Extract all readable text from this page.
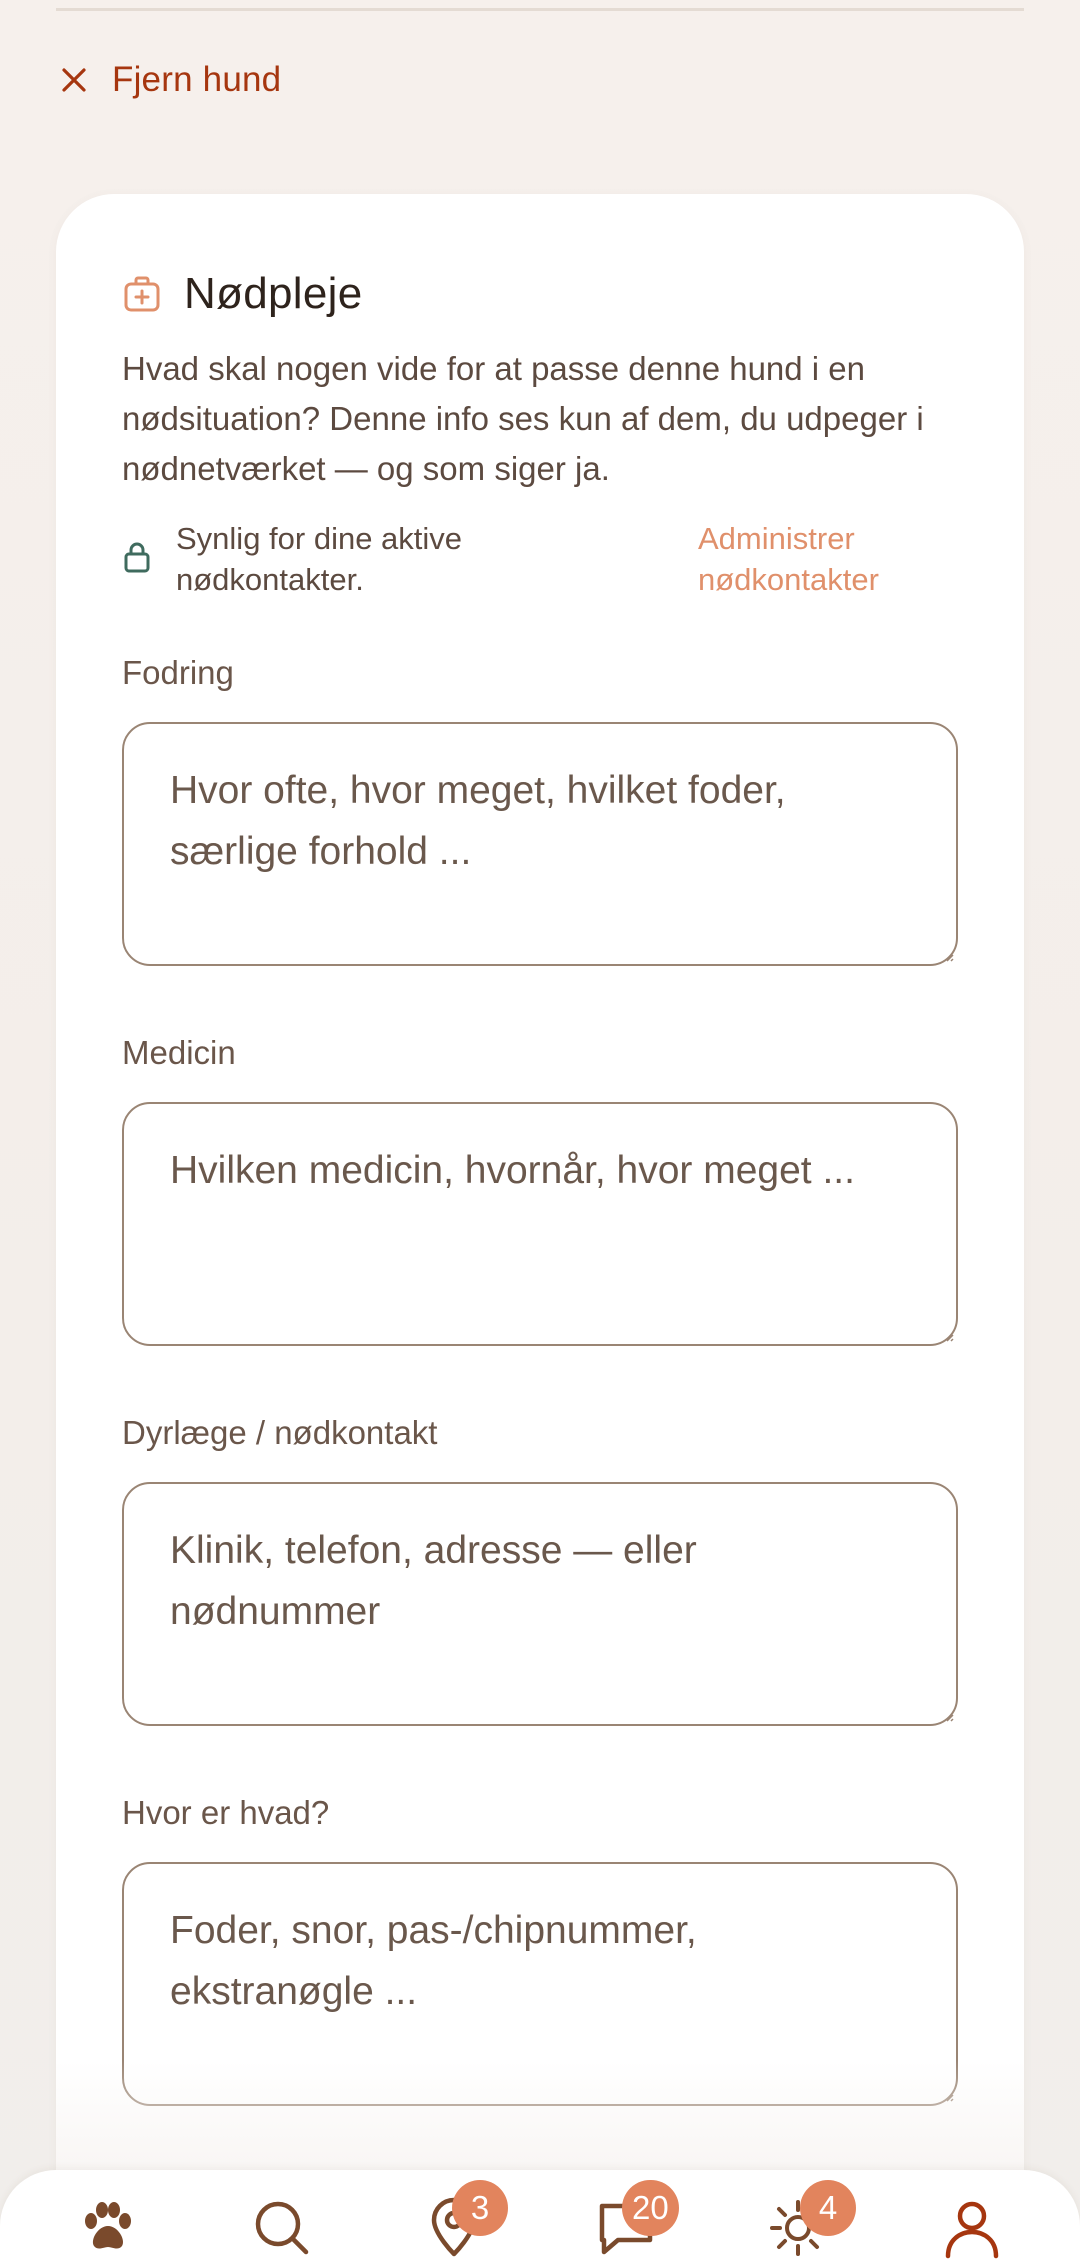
Fjern hund
Nødpleje

Hvad skal nogen vide for at passe denne hund i en nødsituation? Denne info ses kun af dem, du udpeger i nødnetværket — og som siger ja.

Synlig for dine aktive nødkontakter.
Administrer nødkontakter
Fodring
Hvor ofte, hvor meget, hvilket foder, særlige forhold ...
Medicin
Hvilken medicin, hvornår, hvor meget ...
Dyrlæge / nødkontakt
Klinik, telefon, adresse — eller nødnummer
Hvor er hvad?
Foder, snor, pas-/chipnummer, ekstranøgle ...
3	20	4
